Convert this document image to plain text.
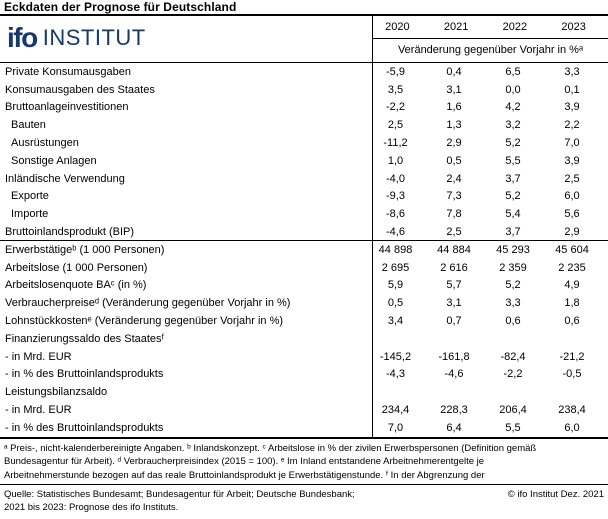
Eckdaten der Prognose für Deutschland
ifo INSTITUT	2020	2021	2022	2023
Veränderung gegenüber Vorjahr in %ᵃ
Private Konsumausgaben	-5,9	0,4	6,5	3,3
Konsumausgaben des Staates	3,5	3,1	0,0	0,1
Bruttoanlageinvestitionen	-2,2	1,6	4,2	3,9
Bauten	2,5	1,3	3,2	2,2
Ausrüstungen	-11,2	2,9	5,2	7,0
Sonstige Anlagen	1,0	0,5	5,5	3,9
Inländische Verwendung	-4,0	2,4	3,7	2,5
Exporte	-9,3	7,3	5,2	6,0
Importe	-8,6	7,8	5,4	5,6
Bruttoinlandsprodukt (BIP)	-4,6	2,5	3,7	2,9
Erwerbstätigeᵇ (1 000 Personen)	44 898	44 884	45 293	45 604
Arbeitslose (1 000 Personen)	2 695	2 616	2 359	2 235
Arbeitslosenquote BAᶜ (in %)	5,9	5,7	5,2	4,9
Verbraucherpreiseᵈ (Veränderung gegenüber Vorjahr in %)	0,5	3,1	3,3	1,8
Lohnstückkostenᵉ (Veränderung gegenüber Vorjahr in %)	3,4	0,7	0,6	0,6
Finanzierungssaldo des Staatesᶠ
- in Mrd. EUR	-145,2	-161,8	-82,4	-21,2
- in % des Bruttoinlandsprodukts	-4,3	-4,6	-2,2	-0,5
Leistungsbilanzsaldo
- in Mrd. EUR	234,4	228,3	206,4	238,4
- in % des Bruttoinlandsprodukts	7,0	6,4	5,5	6,0
ᵃ Preis-, nicht-kalenderbereinigte Angaben. ᵇ Inlandskonzept. ᶜ Arbeitslose in % der zivilen Erwerbspersonen (Definition gemäß
Bundesagentur für Arbeit). ᵈ Verbraucherpreisindex (2015 = 100). ᵉ Im Inland entstandene Arbeitnehmerentgelte je
Arbeitnehmerstunde bezogen auf das reale Bruttoinlandsprodukt je Erwerbstätigenstunde. ᶠ In der Abgrenzung der
Quelle: Statistisches Bundesamt; Bundesagentur für Arbeit; Deutsche Bundesbank;	© ifo Institut Dez. 2021
2021 bis 2023: Prognose des ifo Instituts.
